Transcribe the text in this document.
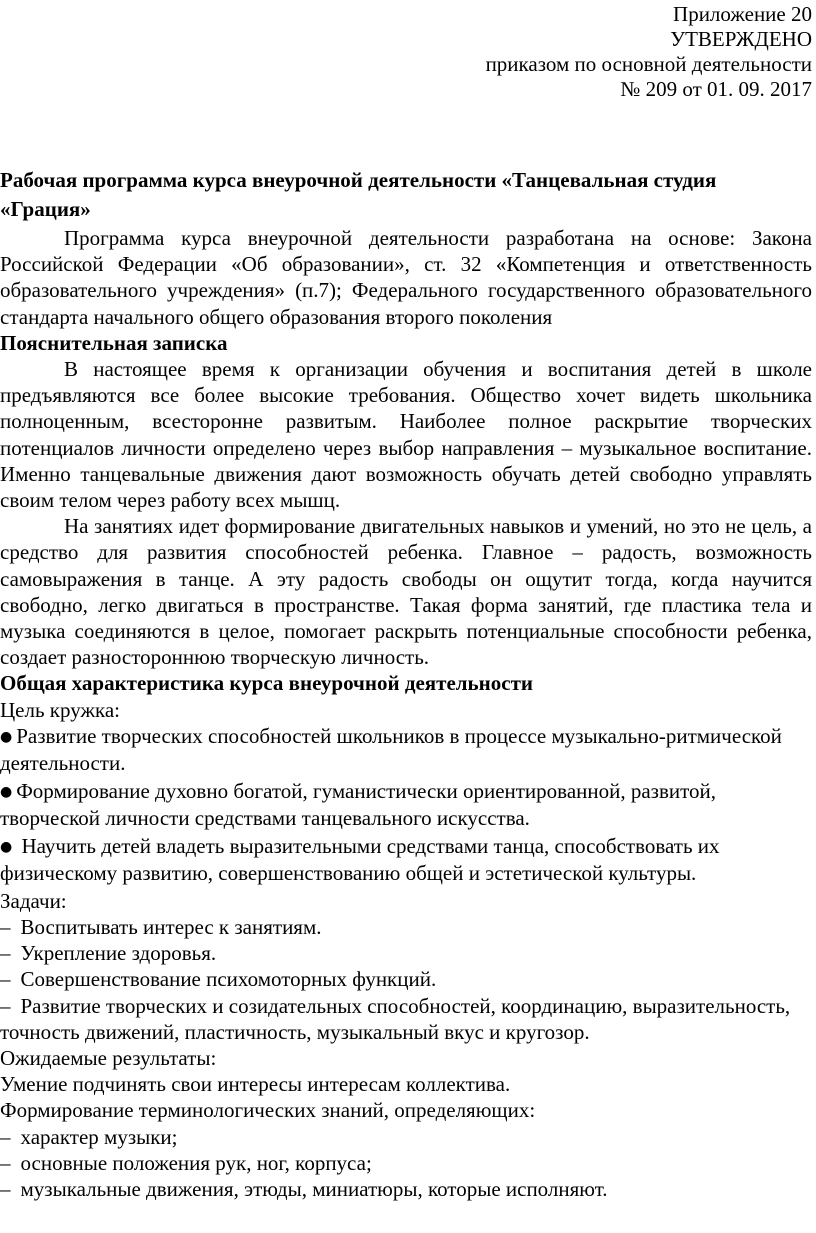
Приложение 20
УТВЕРЖДЕНО
приказом по основной деятельности
№ 209 от 01. 09. 2017

Рабочая программа курса внеурочной деятельности «Танцевальная студия «Грация»

Программа курса внеурочной деятельности разработана на основе: Закона Российской Федерации «Об образовании», ст. 32 «Компетенция и ответственность образовательного учреждения» (п.7); Федерального государственного образовательного стандарта начального общего образования второго поколения

Пояснительная записка

В настоящее время к организации обучения и воспитания детей в школе предъявляются все более высокие требования. Общество хочет видеть школьника полноценным, всесторонне развитым. Наиболее полное раскрытие творческих потенциалов личности определено через выбор направления – музыкальное воспитание. Именно танцевальные движения дают возможность обучать детей свободно управлять своим телом через работу всех мышц.

На занятиях идет формирование двигательных навыков и умений, но это не цель, а средство для развития способностей ребенка. Главное – радость, возможность самовыражения в танце. А эту радость свободы он ощутит тогда, когда научится свободно, легко двигаться в пространстве. Такая форма занятий, где пластика тела и музыка соединяются в целое, помогает раскрыть потенциальные способности ребенка, создает разностороннюю творческую личность.

Общая характеристика курса внеурочной деятельности

Цель кружка:

● Развитие творческих способностей школьников в процессе музыкально-ритмической деятельности.

● Формирование духовно богатой, гуманистически ориентированной, развитой, творческой личности средствами танцевального искусства.

● Научить детей владеть выразительными средствами танца, способствовать их физическому развитию, совершенствованию общей и эстетической культуры.

Задачи:

– Воспитывать интерес к занятиям.

– Укрепление здоровья.

– Совершенствование психомоторных функций.

– Развитие творческих и созидательных способностей, координацию, выразительность, точность движений, пластичность, музыкальный вкус и кругозор.

Ожидаемые результаты:

Умение подчинять свои интересы интересам коллектива.

Формирование терминологических знаний, определяющих:

– характер музыки;

– основные положения рук, ног, корпуса;

– музыкальные движения, этюды, миниатюры, которые исполняют.
